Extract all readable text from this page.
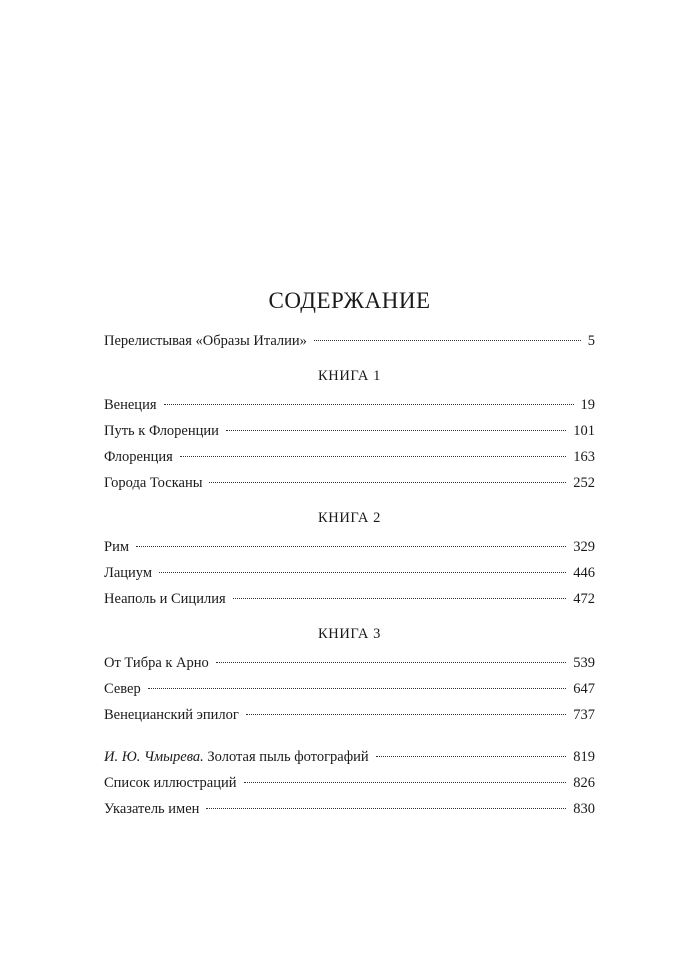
СОДЕРЖАНИЕ
Перелистывая «Образы Италии»	5
КНИГА 1
Венеция	19
Путь к Флоренции	101
Флоренция	163
Города Тосканы	252
КНИГА 2
Рим	329
Лациум	446
Неаполь и Сицилия	472
КНИГА 3
От Тибра к Арно	539
Север	647
Венецианский эпилог	737
И. Ю. Чмырева. Золотая пыль фотографий	819
Список иллюстраций	826
Указатель имен	830
